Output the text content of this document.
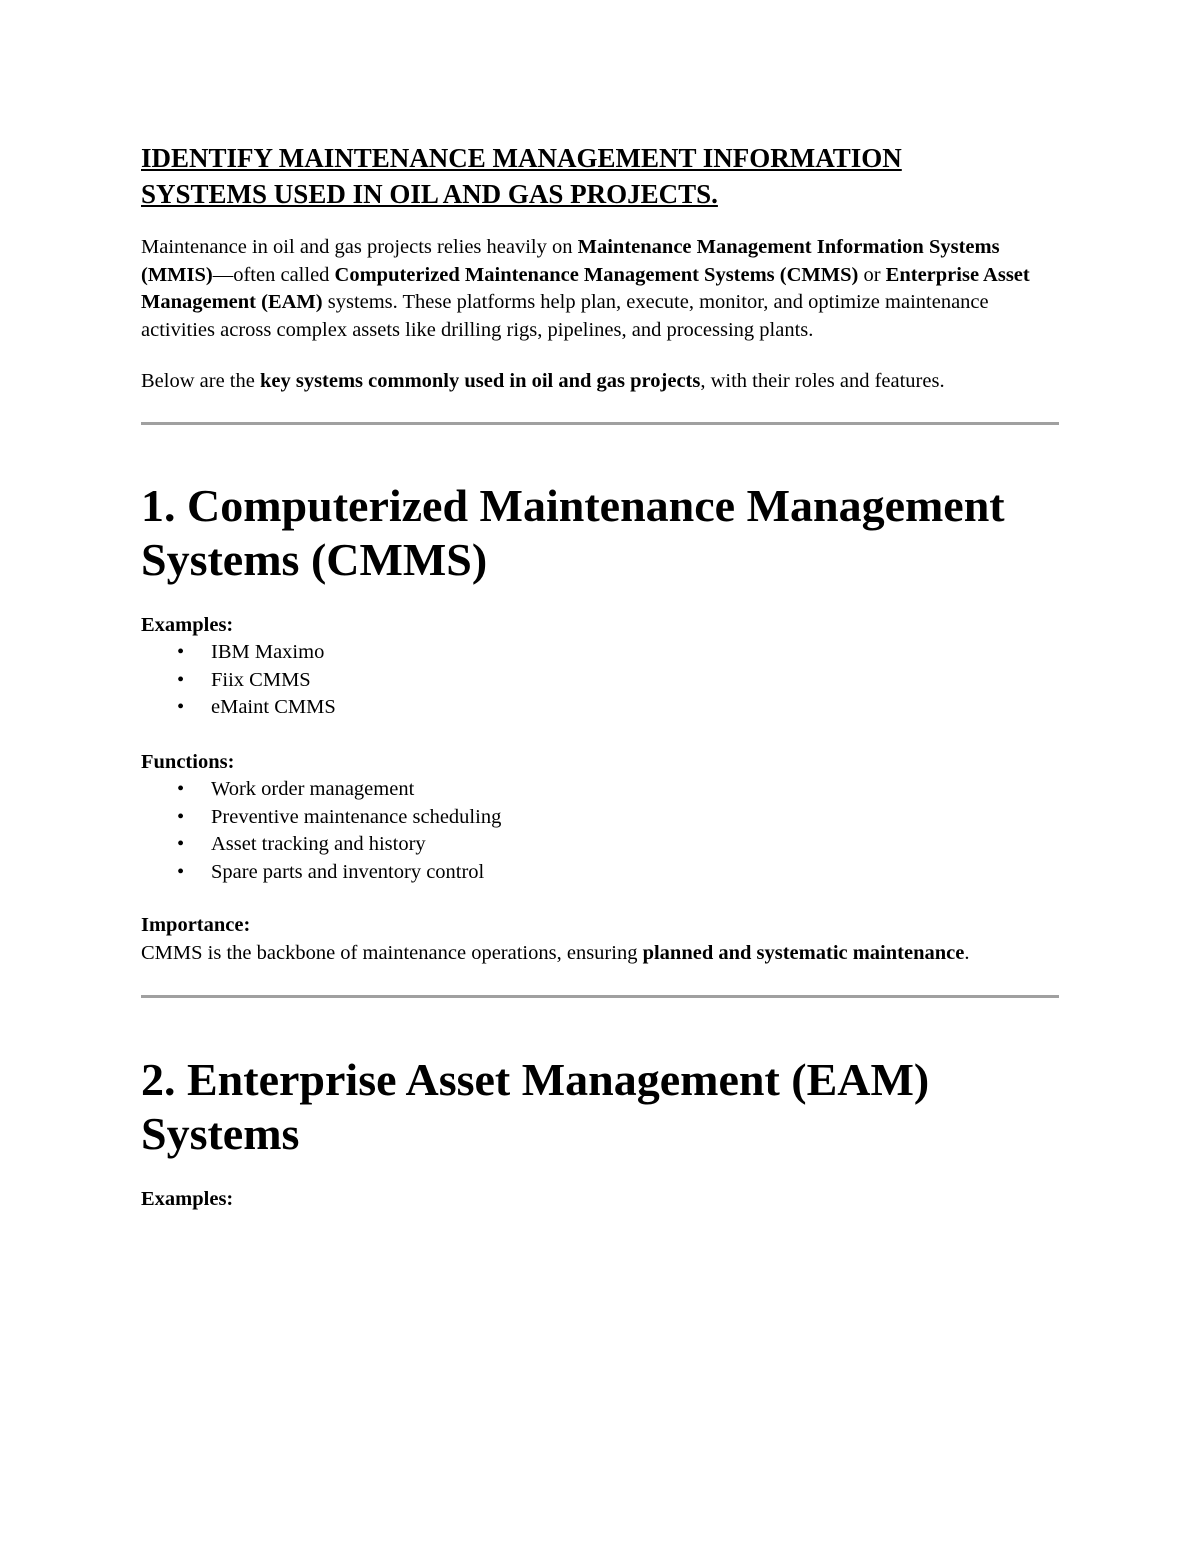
IDENTIFY MAINTENANCE MANAGEMENT INFORMATION
SYSTEMS USED IN OIL AND GAS PROJECTS.

Maintenance in oil and gas projects relies heavily on Maintenance Management Information Systems (MMIS)—often called Computerized Maintenance Management Systems (CMMS) or Enterprise Asset Management (EAM) systems. These platforms help plan, execute, monitor, and optimize maintenance activities across complex assets like drilling rigs, pipelines, and processing plants.

Below are the key systems commonly used in oil and gas projects, with their roles and features.

1. Computerized Maintenance Management
Systems (CMMS)

Examples:

• IBM Maximo
• Fiix CMMS
• eMaint CMMS

Functions:

• Work order management
• Preventive maintenance scheduling
• Asset tracking and history
• Spare parts and inventory control

Importance:

CMMS is the backbone of maintenance operations, ensuring planned and systematic maintenance.

2. Enterprise Asset Management (EAM)
Systems

Examples:
